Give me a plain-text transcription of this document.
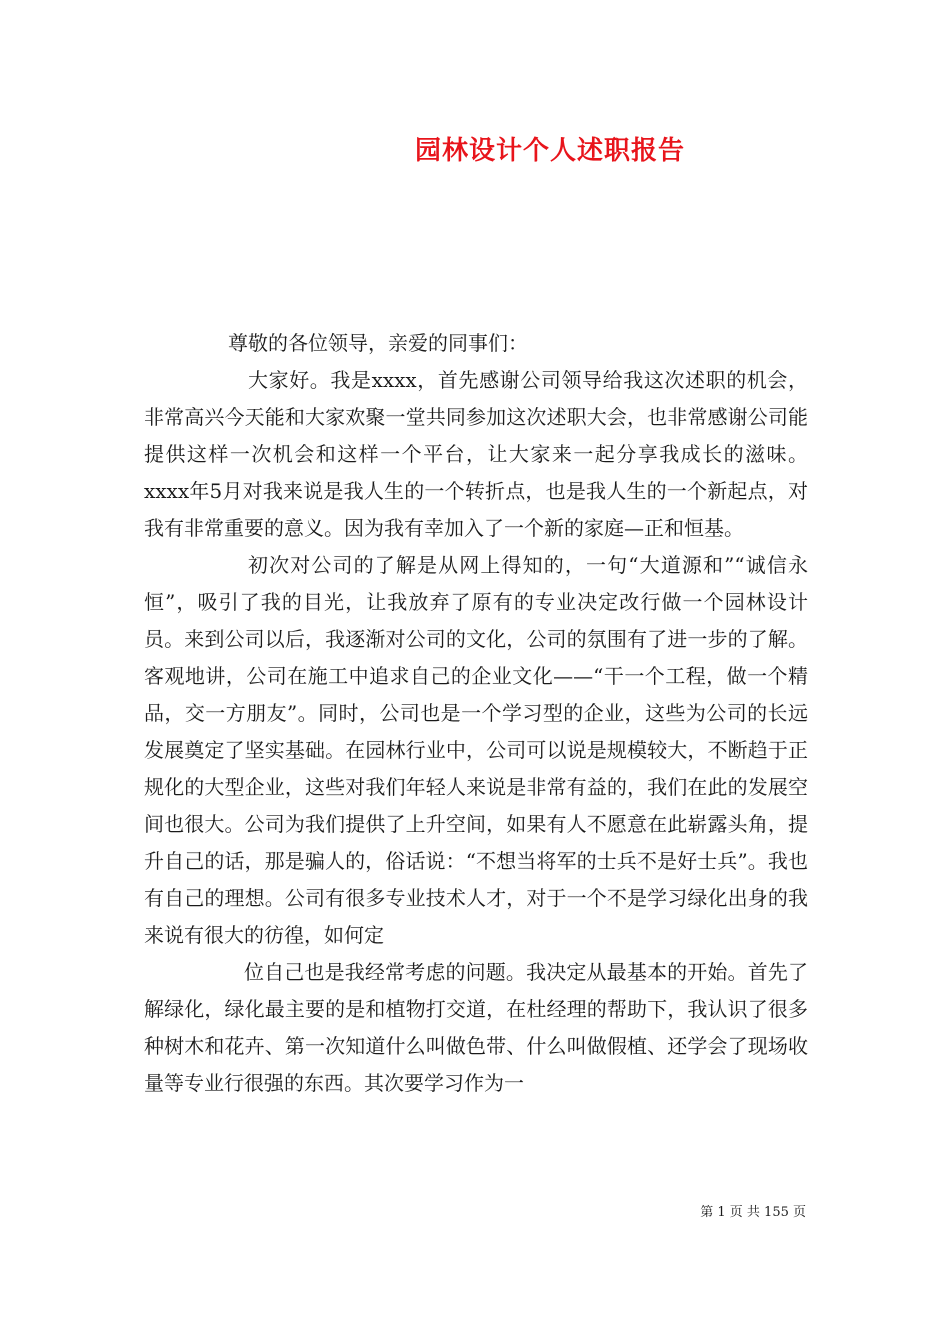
园林设计个人述职报告

尊敬的各位领导，亲爱的同事们：

大家好。我是xxxx，首先感谢公司领导给我这次述职的机会，非常高兴今天能和大家欢聚一堂共同参加这次述职大会，也非常感谢公司能提供这样一次机会和这样一个平台，让大家来一起分享我成长的滋味。xxxx年5月对我来说是我人生的一个转折点，也是我人生的一个新起点，对我有非常重要的意义。因为我有幸加入了一个新的家庭—正和恒基。

初次对公司的了解是从网上得知的，一句“大道源和”“诚信永恒”，吸引了我的目光，让我放弃了原有的专业决定改行做一个园林设计员。来到公司以后，我逐渐对公司的文化，公司的氛围有了进一步的了解。客观地讲，公司在施工中追求自己的企业文化——“干一个工程，做一个精品，交一方朋友”。同时，公司也是一个学习型的企业，这些为公司的长远发展奠定了坚实基础。在园林行业中，公司可以说是规模较大，不断趋于正规化的大型企业，这些对我们年轻人来说是非常有益的，我们在此的发展空间也很大。公司为我们提供了上升空间，如果有人不愿意在此崭露头角，提升自己的话，那是骗人的，俗话说：“不想当将军的士兵不是好士兵”。我也有自己的理想。公司有很多专业技术人才，对于一个不是学习绿化出身的我来说有很大的彷徨，如何定

位自己也是我经常考虑的问题。我决定从最基本的开始。首先了解绿化，绿化最主要的是和植物打交道，在杜经理的帮助下，我认识了很多种树木和花卉、第一次知道什么叫做色带、什么叫做假植、还学会了现场收量等专业行很强的东西。其次要学习作为一

第 1 页 共 155 页
